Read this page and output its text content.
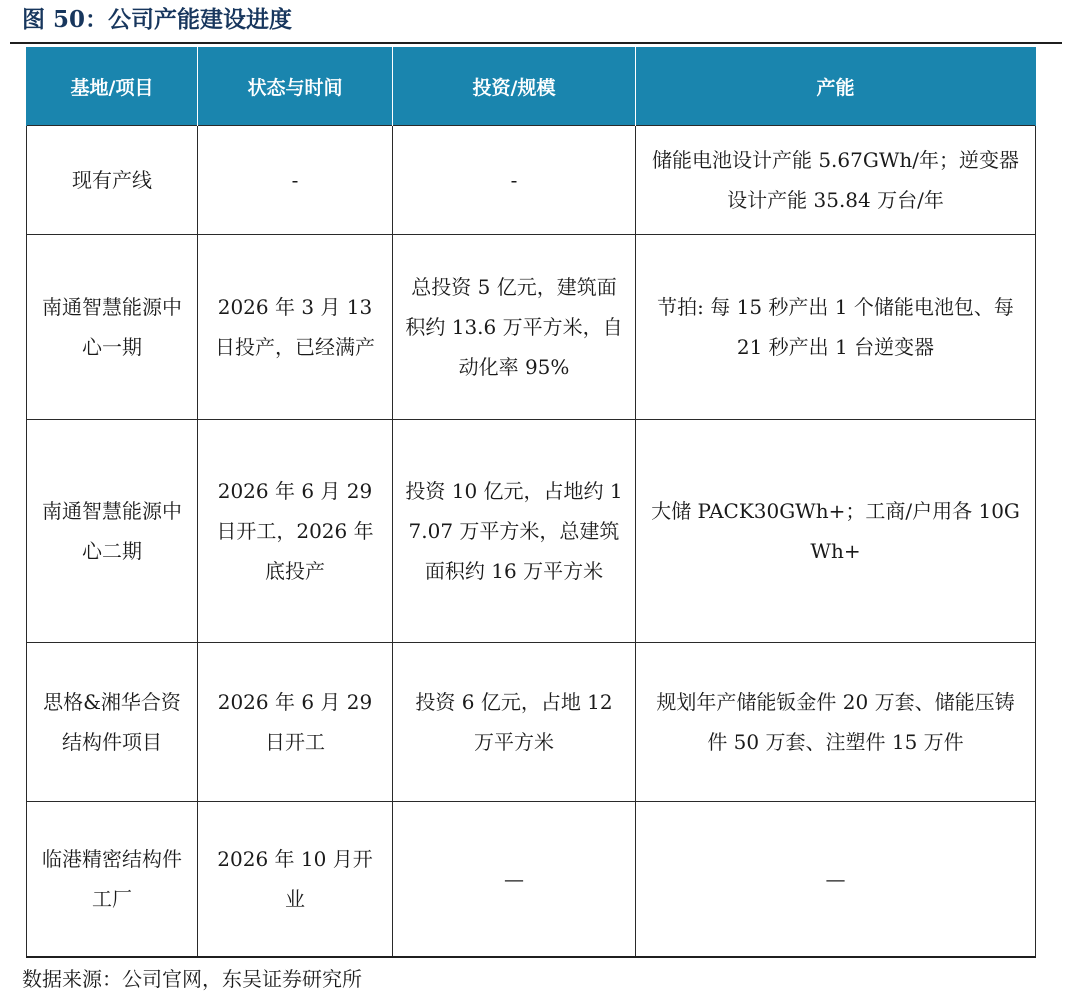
图 50：公司产能建设进度
基地/项目	状态与时间	投资/规模	产能
现有产线	-	-	储能电池设计产能 5.67GWh/年；逆变器设计产能 35.84 万台/年
南通智慧能源中心一期	2026 年 3 月 13 日投产，已经满产	总投资 5 亿元，建筑面积约 13.6 万平方米，自动化率 95%	节拍: 每 15 秒产出 1 个储能电池包、每 21 秒产出 1 台逆变器
南通智慧能源中心二期	2026 年 6 月 29 日开工，2026 年底投产	投资 10 亿元，占地约 17.07 万平方米，总建筑面积约 16 万平方米	大储 PACK30GWh+；工商/户用各 10GWh+
思格&湘华合资结构件项目	2026 年 6 月 29 日开工	投资 6 亿元，占地 12 万平方米	规划年产储能钣金件 20 万套、储能压铸件 50 万套、注塑件 15 万件
临港精密结构件工厂	2026 年 10 月开业	—	—
数据来源：公司官网，东吴证券研究所
